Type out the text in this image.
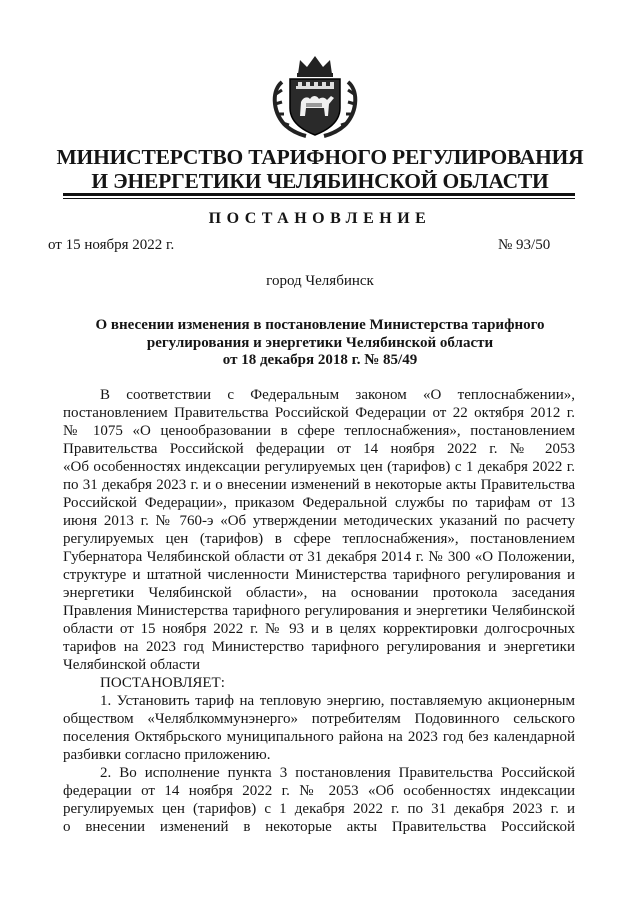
МИНИСТЕРСТВО ТАРИФНОГО РЕГУЛИРОВАНИЯ
И ЭНЕРГЕТИКИ ЧЕЛЯБИНСКОЙ ОБЛАСТИ
ПОСТАНОВЛЕНИЕ
от 15 ноября 2022 г.	№ 93/50
город Челябинск
О внесении изменения в постановление Министерства тарифного
регулирования и энергетики Челябинской области
от 18 декабря 2018 г. № 85/49
В соответствии с Федеральным законом «О теплоснабжении»,
постановлением Правительства Российской Федерации от 22 октября 2012 г.
№ 1075 «О ценообразовании в сфере теплоснабжения», постановлением
Правительства Российской федерации от 14 ноября 2022 г. № 2053
«Об особенностях индексации регулируемых цен (тарифов) с 1 декабря 2022 г.
по 31 декабря 2023 г. и о внесении изменений в некоторые акты Правительства
Российской Федерации», приказом Федеральной службы по тарифам от 13
июня 2013 г. № 760-э «Об утверждении методических указаний по расчету
регулируемых цен (тарифов) в сфере теплоснабжения», постановлением
Губернатора Челябинской области от 31 декабря 2014 г. № 300 «О Положении,
структуре и штатной численности Министерства тарифного регулирования и
энергетики Челябинской области», на основании протокола заседания
Правления Министерства тарифного регулирования и энергетики Челябинской
области от 15 ноября 2022 г. № 93 и в целях корректировки долгосрочных
тарифов на 2023 год Министерство тарифного регулирования и энергетики
Челябинской области
ПОСТАНОВЛЯЕТ:
1. Установить тариф на тепловую энергию, поставляемую акционерным
обществом «Челяблкоммунэнерго» потребителям Подовинного сельского
поселения Октябрьского муниципального района на 2023 год без календарной
разбивки согласно приложению.
2. Во исполнение пункта 3 постановления Правительства Российской
федерации от 14 ноября 2022 г. № 2053 «Об особенностях индексации
регулируемых цен (тарифов) с 1 декабря 2022 г. по 31 декабря 2023 г. и
о внесении изменений в некоторые акты Правительства Российской
